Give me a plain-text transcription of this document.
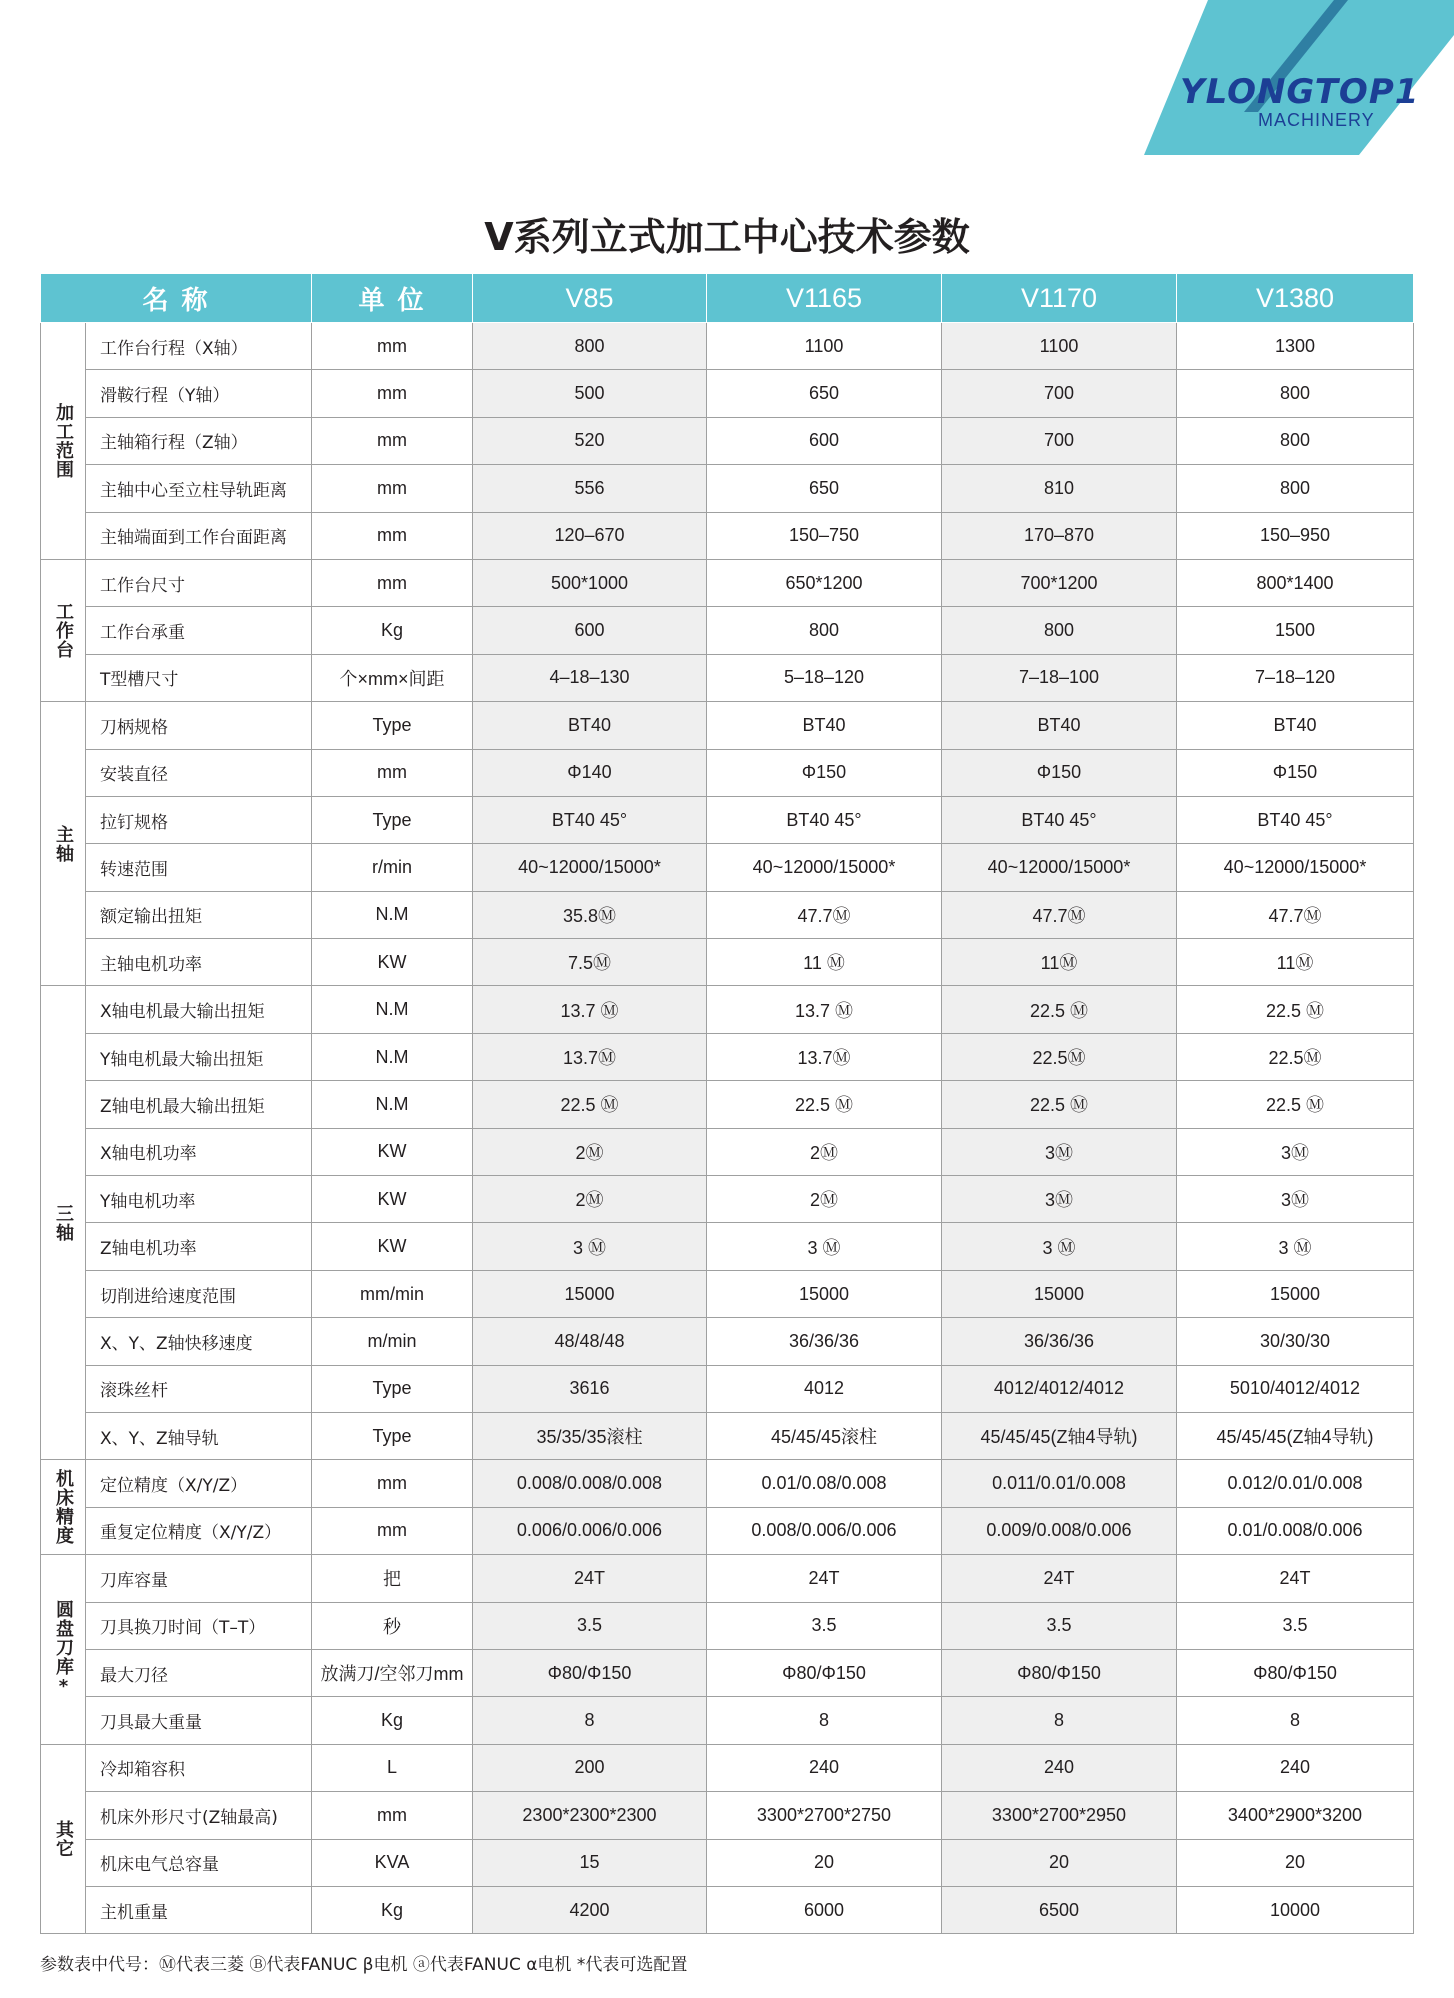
YLONGTOP1
MACHINERY
V系列立式加工中心技术参数
名 称		单 位	V85	V1165	V1170	V1380
加工范围	工作台行程（X轴）	mm	800	1100	1100	1300
	滑鞍行程（Y轴）	mm	500	650	700	800
	主轴箱行程（Z轴）	mm	520	600	700	800
	主轴中心至立柱导轨距离	mm	556	650	810	800
	主轴端面到工作台面距离	mm	120–670	150–750	170–870	150–950
工作台	工作台尺寸	mm	500*1000	650*1200	700*1200	800*1400
	工作台承重	Kg	600	800	800	1500
	T型槽尺寸	个×mm×间距	4–18–130	5–18–120	7–18–100	7–18–120
主轴	刀柄规格	Type	BT40	BT40	BT40	BT40
	安装直径	mm	Φ140	Φ150	Φ150	Φ150
	拉钉规格	Type	BT40 45°	BT40 45°	BT40 45°	BT40 45°
	转速范围	r/min	40~12000/15000*	40~12000/15000*	40~12000/15000*	40~12000/15000*
	额定输出扭矩	N.M	35.8Ⓜ	47.7Ⓜ	47.7Ⓜ	47.7Ⓜ
	主轴电机功率	KW	7.5Ⓜ	11 Ⓜ	11Ⓜ	11Ⓜ
三轴	X轴电机最大输出扭矩	N.M	13.7 Ⓜ	13.7 Ⓜ	22.5 Ⓜ	22.5 Ⓜ
	Y轴电机最大输出扭矩	N.M	13.7Ⓜ	13.7Ⓜ	22.5Ⓜ	22.5Ⓜ
	Z轴电机最大输出扭矩	N.M	22.5 Ⓜ	22.5 Ⓜ	22.5 Ⓜ	22.5 Ⓜ
	X轴电机功率	KW	2Ⓜ	2Ⓜ	3Ⓜ	3Ⓜ
	Y轴电机功率	KW	2Ⓜ	2Ⓜ	3Ⓜ	3Ⓜ
	Z轴电机功率	KW	3 Ⓜ	3 Ⓜ	3 Ⓜ	3 Ⓜ
	切削进给速度范围	mm/min	15000	15000	15000	15000
	X、Y、Z轴快移速度	m/min	48/48/48	36/36/36	36/36/36	30/30/30
	滚珠丝杆	Type	3616	4012	4012/4012/4012	5010/4012/4012
	X、Y、Z轴导轨	Type	35/35/35滚柱	45/45/45滚柱	45/45/45(Z轴4导轨)	45/45/45(Z轴4导轨)
机床精度	定位精度（X/Y/Z）	mm	0.008/0.008/0.008	0.01/0.08/0.008	0.011/0.01/0.008	0.012/0.01/0.008
	重复定位精度（X/Y/Z）	mm	0.006/0.006/0.006	0.008/0.006/0.006	0.009/0.008/0.006	0.01/0.008/0.006
圆盘刀库*	刀库容量	把	24T	24T	24T	24T
	刀具换刀时间（T–T）	秒	3.5	3.5	3.5	3.5
	最大刀径	放满刀/空邻刀mm	Φ80/Φ150	Φ80/Φ150	Φ80/Φ150	Φ80/Φ150
	刀具最大重量	Kg	8	8	8	8
其它	冷却箱容积	L	200	240	240	240
	机床外形尺寸(Z轴最高)	mm	2300*2300*2300	3300*2700*2750	3300*2700*2950	3400*2900*3200
	机床电气总容量	KVA	15	20	20	20
	主机重量	Kg	4200	6000	6500	10000
参数表中代号：Ⓜ代表三菱 Ⓑ代表FANUC β电机 ⓐ代表FANUC α电机 *代表可选配置
